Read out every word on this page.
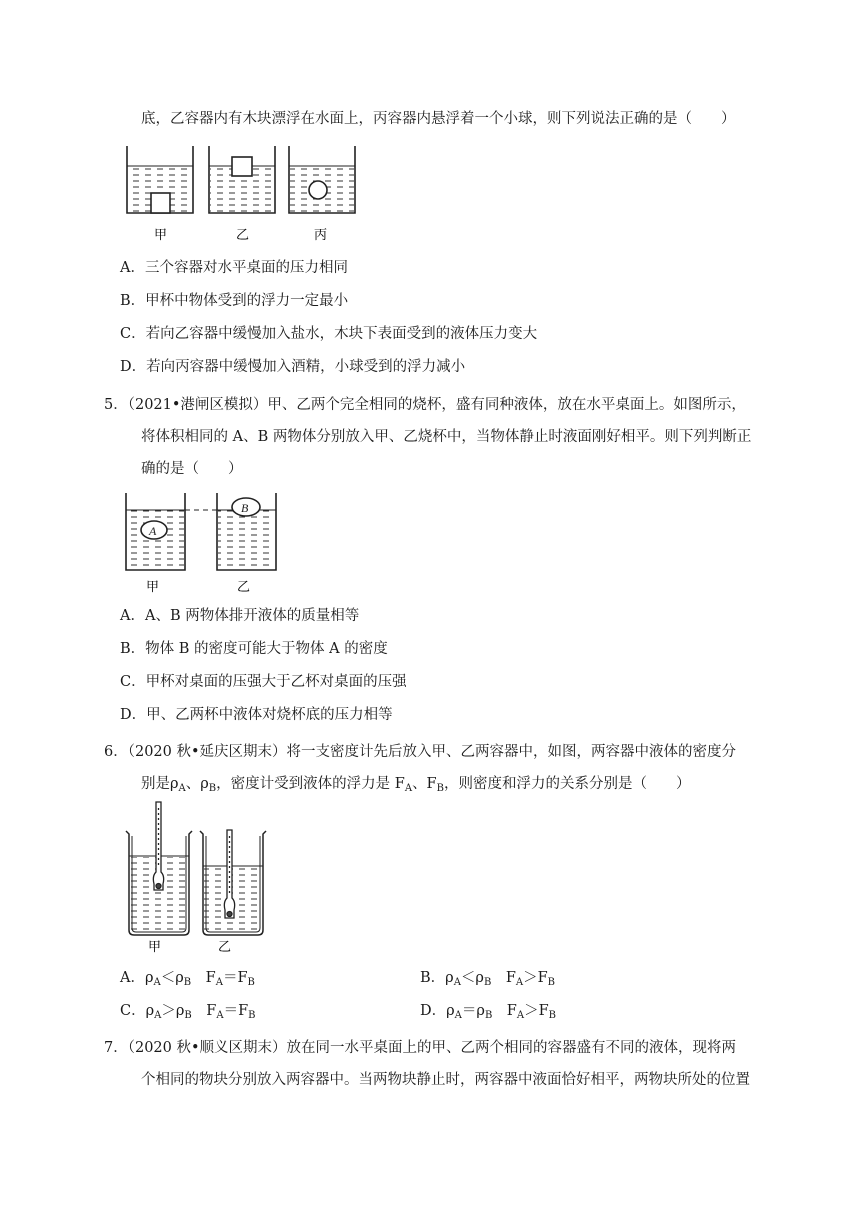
底，乙容器内有木块漂浮在水面上，丙容器内悬浮着一个小球，则下列说法正确的是（　　）
甲	乙	丙
A．三个容器对水平桌面的压力相同
B．甲杯中物体受到的浮力一定最小
C．若向乙容器中缓慢加入盐水，木块下表面受到的液体压力变大
D．若向丙容器中缓慢加入酒精，小球受到的浮力减小
5．（2021•港闸区模拟）甲、乙两个完全相同的烧杯，盛有同种液体，放在水平桌面上。如图所示，
将体积相同的 A、B 两物体分别放入甲、乙烧杯中，当物体静止时液面刚好相平。则下列判断正
确的是（　　）
A
B
甲	乙
A．A、B 两物体排开液体的质量相等
B．物体 B 的密度可能大于物体 A 的密度
C．甲杯对桌面的压强大于乙杯对桌面的压强
D．甲、乙两杯中液体对烧杯底的压力相等
6．（2020 秋•延庆区期末）将一支密度计先后放入甲、乙两容器中，如图，两容器中液体的密度分
别是$\rho_A$、$\rho_B$，密度计受到液体的浮力是 $F_A$、$F_B$，则密度和浮力的关系分别是（　　）
甲	乙
A．$\rho_A<\rho_B$  $F_A=F_B$	B．$\rho_A<\rho_B$  $F_A>F_B$
C．$\rho_A>\rho_B$  $F_A=F_B$	D．$\rho_A=\rho_B$  $F_A>F_B$
7．（2020 秋•顺义区期末）放在同一水平桌面上的甲、乙两个相同的容器盛有不同的液体，现将两
个相同的物块分别放入两容器中。当两物块静止时，两容器中液面恰好相平，两物块所处的位置
